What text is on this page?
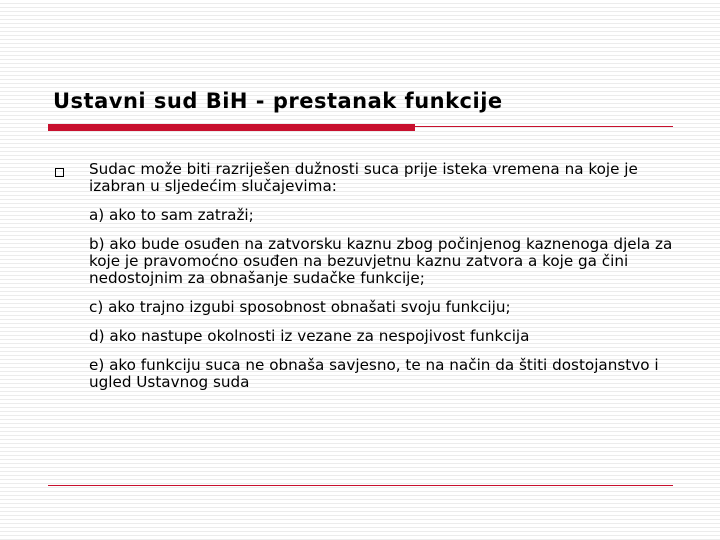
Ustavni sud BiH - prestanak funkcije

Sudac može biti razriješen dužnosti suca prije isteka vremena na koje je izabran u sljedećim slučajevima:

a) ako to sam zatraži;

b) ako bude osuđen na zatvorsku kaznu zbog počinjenog kaznenoga djela za koje je pravomoćno osuđen na bezuvjetnu kaznu zatvora a koje ga čini nedostojnim za obnašanje sudačke funkcije;

c) ako trajno izgubi sposobnost obnašati svoju funkciju;

d) ako nastupe okolnosti iz vezane za nespojivost funkcija

e) ako funkciju suca ne obnaša savjesno, te na način da štiti dostojanstvo i ugled Ustavnog suda
